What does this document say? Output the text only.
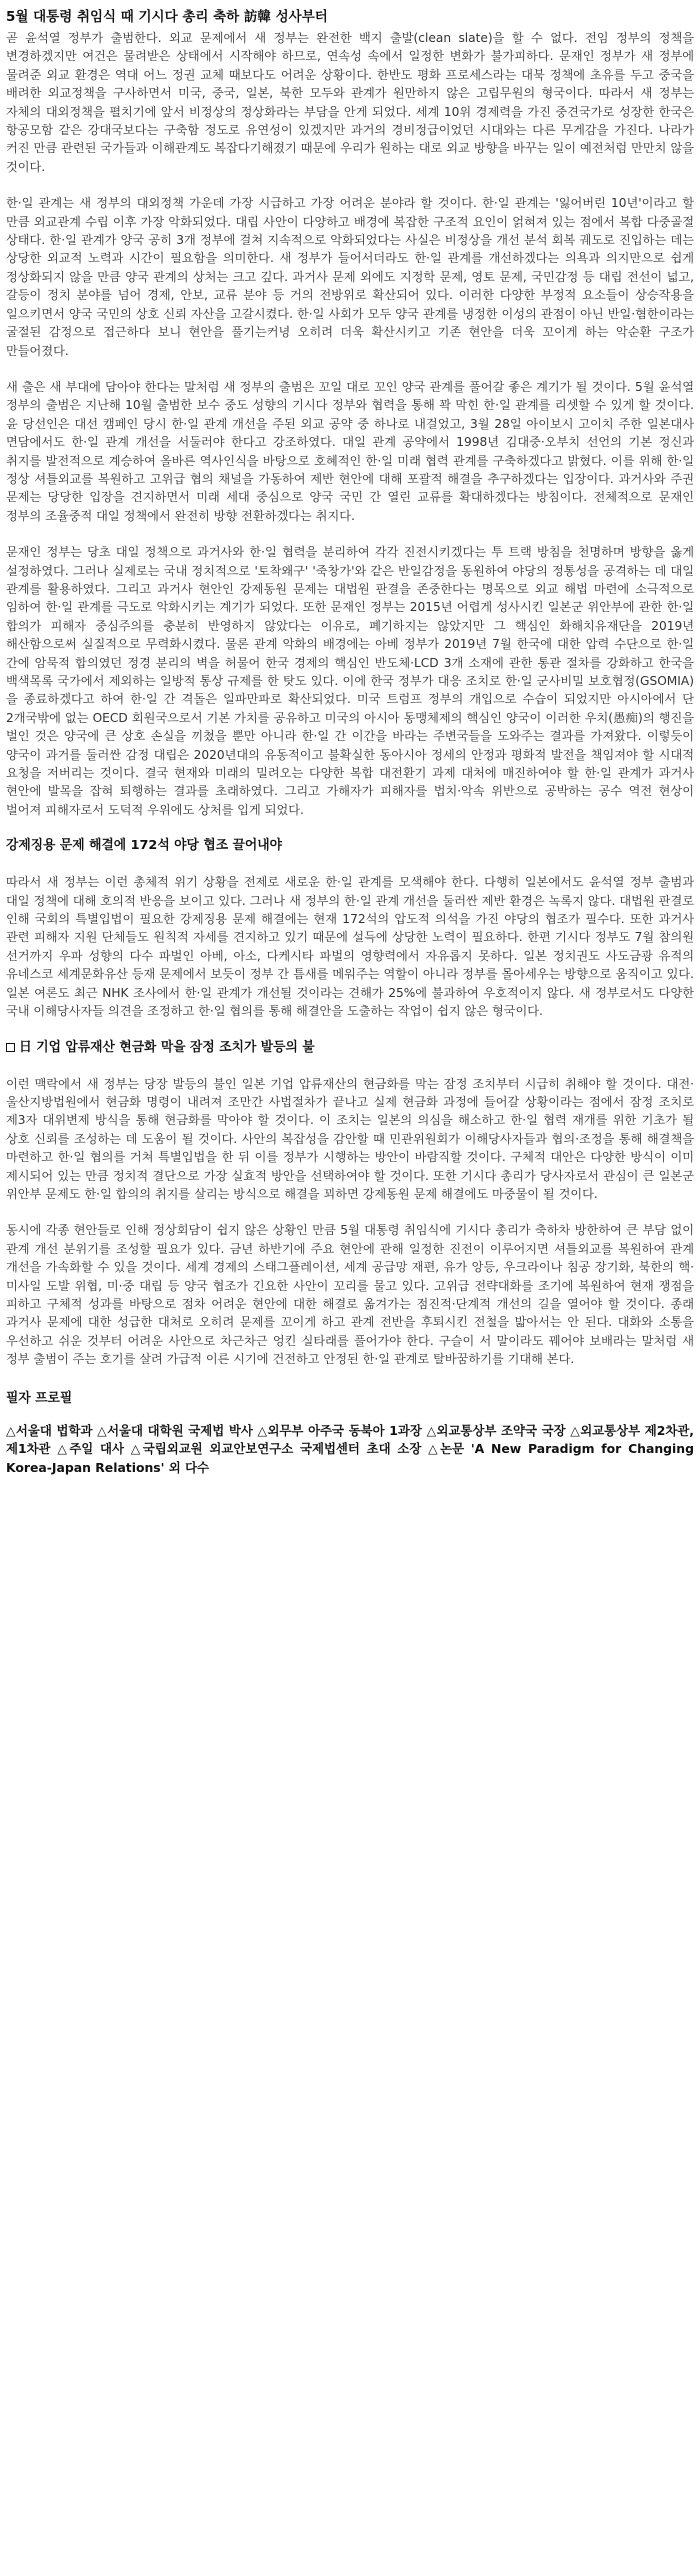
5월 대통령 취임식 때 기시다 총리 축하 訪韓 성사부터

곧 윤석열 정부가 출범한다. 외교 문제에서 새 정부는 완전한 백지 출발(clean slate)을 할 수 없다. 전임 정부의 정책을 변경하겠지만 여건은 물려받은 상태에서 시작해야 하므로, 연속성 속에서 일정한 변화가 불가피하다. 문재인 정부가 새 정부에 물려준 외교 환경은 역대 어느 정권 교체 때보다도 어려운 상황이다. 한반도 평화 프로세스라는 대북 정책에 초유를 두고 중국을 배려한 외교정책을 구사하면서 미국, 중국, 일본, 북한 모두와 관계가 원만하지 않은 고립무원의 형국이다. 따라서 새 정부는 자체의 대외정책을 펼치기에 앞서 비정상의 정상화라는 부담을 안게 되었다. 세계 10위 경제력을 가진 중견국가로 성장한 한국은 항공모함 같은 강대국보다는 구축함 정도로 유연성이 있겠지만 과거의 경비정급이었던 시대와는 다른 무게감을 가진다. 나라가 커진 만큼 관련된 국가들과 이해관계도 복잡다기해졌기 때문에 우리가 원하는 대로 외교 방향을 바꾸는 일이 예전처럼 만만치 않을 것이다.

한·일 관계는 새 정부의 대외정책 가운데 가장 시급하고 가장 어려운 분야라 할 것이다. 한·일 관계는 '잃어버린 10년'이라고 할 만큼 외교관계 수립 이후 가장 악화되었다. 대립 사안이 다양하고 배경에 복잡한 구조적 요인이 얽혀져 있는 점에서 복합 다중골절 상태다. 한·일 관계가 양국 공히 3개 정부에 걸쳐 지속적으로 악화되었다는 사실은 비정상을 개선 분석 회복 궤도로 진입하는 데는 상당한 외교적 노력과 시간이 필요함을 의미한다. 새 정부가 들어서더라도 한·일 관계를 개선하겠다는 의욕과 의지만으로 쉽게 정상화되지 않을 만큼 양국 관계의 상처는 크고 깊다. 과거사 문제 외에도 지정학 문제, 영토 문제, 국민감정 등 대립 전선이 넓고, 갈등이 정치 분야를 넘어 경제, 안보, 교류 분야 등 거의 전방위로 확산되어 있다. 이러한 다양한 부정적 요소들이 상승작용을 일으키면서 양국 국민의 상호 신뢰 자산을 고갈시켰다. 한·일 사회가 모두 양국 관계를 냉정한 이성의 관점이 아닌 반일·혐한이라는 굴절된 감정으로 접근하다 보니 현안을 풀기는커녕 오히려 더욱 확산시키고 기존 현안을 더욱 꼬이게 하는 악순환 구조가 만들어졌다.

새 출은 새 부대에 담아야 한다는 말처럼 새 정부의 출범은 꼬일 대로 꼬인 양국 관계를 풀어갈 좋은 계기가 될 것이다. 5월 윤석열 정부의 출범은 지난해 10월 출범한 보수 중도 성향의 기시다 정부와 협력을 통해 꽉 막힌 한·일 관계를 리셋할 수 있게 할 것이다. 윤 당선인은 대선 캠페인 당시 한·일 관계 개선을 주된 외교 공약 중 하나로 내걸었고, 3월 28일 아이보시 고이치 주한 일본대사 면담에서도 한·일 관계 개선을 서둘러야 한다고 강조하였다. 대일 관계 공약에서 1998년 김대중·오부치 선언의 기본 정신과 취지를 발전적으로 계승하여 올바른 역사인식을 바탕으로 호혜적인 한·일 미래 협력 관계를 구축하겠다고 밝혔다. 이를 위해 한·일 정상 셔틀외교를 복원하고 고위급 협의 채널을 가동하여 제반 현안에 대해 포괄적 해결을 추구하겠다는 입장이다. 과거사와 주권 문제는 당당한 입장을 견지하면서 미래 세대 중심으로 양국 국민 간 열린 교류를 확대하겠다는 방침이다. 전체적으로 문재인 정부의 조율중적 대일 정책에서 완전히 방향 전환하겠다는 취지다.

문재인 정부는 당초 대일 정책으로 과거사와 한·일 협력을 분리하여 각각 진전시키겠다는 투 트랙 방침을 천명하며 방향을 옳게 설정하였다. 그러나 실제로는 국내 정치적으로 '토착왜구' '죽창가'와 같은 반일감정을 동원하여 야당의 정통성을 공격하는 데 대일 관계를 활용하였다. 그리고 과거사 현안인 강제동원 문제는 대법원 판결을 존중한다는 명목으로 외교 해법 마련에 소극적으로 임하여 한·일 관계를 극도로 악화시키는 계기가 되었다. 또한 문재인 정부는 2015년 어렵게 성사시킨 일본군 위안부에 관한 한·일 합의가 피해자 중심주의를 충분히 반영하지 않았다는 이유로, 폐기하지는 않았지만 그 핵심인 화해치유재단을 2019년 해산함으로써 실질적으로 무력화시켰다. 물론 관계 악화의 배경에는 아베 정부가 2019년 7월 한국에 대한 압력 수단으로 한·일 간에 암묵적 합의였던 정경 분리의 벽을 허물어 한국 경제의 핵심인 반도체·LCD 3개 소재에 관한 통관 절차를 강화하고 한국을 백색목록 국가에서 제외하는 일방적 통상 규제를 한 탓도 있다. 이에 한국 정부가 대응 조치로 한·일 군사비밀 보호협정(GSOMIA)을 종료하겠다고 하여 한·일 간 격돌은 일파만파로 확산되었다. 미국 트럼프 정부의 개입으로 수습이 되었지만 아시아에서 단 2개국밖에 없는 OECD 회원국으로서 기본 가치를 공유하고 미국의 아시아 동맹체제의 핵심인 양국이 이러한 우치(愚痴)의 행진을 벌인 것은 양국에 큰 상호 손실을 끼쳤을 뿐만 아니라 한·일 간 이간을 바라는 주변국들을 도와주는 결과를 가져왔다. 이렇듯이 양국이 과거를 둘러싼 감정 대립은 2020년대의 유동적이고 불확실한 동아시아 정세의 안정과 평화적 발전을 책임져야 할 시대적 요청을 저버리는 것이다. 결국 현재와 미래의 밀려오는 다양한 복합 대전환기 과제 대처에 매진하여야 할 한·일 관계가 과거사 현안에 발목을 잡혀 퇴행하는 결과를 초래하였다. 그리고 가해자가 피해자를 법치·악속 위반으로 공박하는 공수 역전 현상이 벌어져 피해자로서 도덕적 우위에도 상처를 입게 되었다.

강제징용 문제 해결에 172석 야당 협조 끌어내야

따라서 새 정부는 이런 총체적 위기 상황을 전제로 새로운 한·일 관계를 모색해야 한다. 다행히 일본에서도 윤석열 정부 출범과 대일 정책에 대해 호의적 반응을 보이고 있다. 그러나 새 정부의 한·일 관계 개선을 둘러싼 제반 환경은 녹록지 않다. 대법원 판결로 인해 국회의 특별입법이 필요한 강제징용 문제 해결에는 현재 172석의 압도적 의석을 가진 야당의 협조가 필수다. 또한 과거사 관련 피해자 지원 단체들도 원칙적 자세를 견지하고 있기 때문에 설득에 상당한 노력이 필요하다. 한편 기시다 정부도 7월 참의원 선거까지 우파 성향의 다수 파벌인 아베, 아소, 다케시타 파벌의 영향력에서 자유롭지 못하다. 일본 정치권도 사도금광 유적의 유네스코 세계문화유산 등재 문제에서 보듯이 정부 간 틈새를 메워주는 역할이 아니라 정부를 몰아세우는 방향으로 움직이고 있다. 일본 여론도 최근 NHK 조사에서 한·일 관계가 개선될 것이라는 견해가 25%에 불과하여 우호적이지 않다. 새 정부로서도 다양한 국내 이해당사자들 의견을 조정하고 한·일 협의를 통해 해결안을 도출하는 작업이 쉽지 않은 형국이다.

日 기업 압류재산 현금화 막을 잠정 조치가 발등의 불

이런 맥락에서 새 정부는 당장 발등의 불인 일본 기업 압류재산의 현금화를 막는 잠정 조치부터 시급히 취해야 할 것이다. 대전·울산지방법원에서 현금화 명령이 내려져 조만간 사법절차가 끝나고 실제 현금화 과정에 들어갈 상황이라는 점에서 잠정 조치로 제3자 대위변제 방식을 통해 현금화를 막아야 할 것이다. 이 조치는 일본의 의심을 해소하고 한·일 협력 재개를 위한 기초가 될 상호 신뢰를 조성하는 데 도움이 될 것이다. 사안의 복잡성을 감안할 때 민관위원회가 이해당사자들과 협의·조정을 통해 해결책을 마련하고 한·일 협의를 거쳐 특별입법을 한 뒤 이를 정부가 시행하는 방안이 바람직할 것이다. 구체적 대안은 다양한 방식이 이미 제시되어 있는 만큼 정치적 결단으로 가장 실효적 방안을 선택하여야 할 것이다. 또한 기시다 총리가 당사자로서 관심이 큰 일본군 위안부 문제도 한·일 합의의 취지를 살리는 방식으로 해결을 꾀하면 강제동원 문제 해결에도 마중물이 될 것이다.

동시에 각종 현안들로 인해 정상회담이 쉽지 않은 상황인 만큼 5월 대통령 취임식에 기시다 총리가 축하차 방한하여 큰 부담 없이 관계 개선 분위기를 조성할 필요가 있다. 금년 하반기에 주요 현안에 관해 일정한 진전이 이루어지면 셔틀외교를 복원하여 관계 개선을 가속화할 수 있을 것이다. 세계 경제의 스태그플레이션, 세계 공급망 재편, 유가 앙등, 우크라이나 침공 장기화, 북한의 핵·미사일 도발 위협, 미·중 대립 등 양국 협조가 긴요한 사안이 꼬리를 물고 있다. 고위급 전략대화를 조기에 복원하여 현재 쟁점을 피하고 구체적 성과를 바탕으로 점차 어려운 현안에 대한 해결로 옮겨가는 점진적·단계적 개선의 길을 열어야 할 것이다. 종래 과거사 문제에 대한 성급한 대처로 오히려 문제를 꼬이게 하고 관계 전반을 후퇴시킨 전철을 밟아서는 안 된다. 대화와 소통을 우선하고 쉬운 것부터 어려운 사안으로 차근차근 엉킨 실타래를 풀어가야 한다. 구슬이 서 말이라도 꿰어야 보배라는 말처럼 새 정부 출범이 주는 호기를 살려 가급적 이른 시기에 건전하고 안정된 한·일 관계로 탈바꿈하기를 기대해 본다.

필자 프로필

△서울대 법학과 △서울대 대학원 국제법 박사 △외무부 아주국 동북아 1과장 △외교통상부 조약국 국장 △외교통상부 제2차관, 제1차관 △주일 대사 △국립외교원 외교안보연구소 국제법센터 초대 소장 △논문 'A New Paradigm for Changing Korea-Japan Relations' 외 다수
